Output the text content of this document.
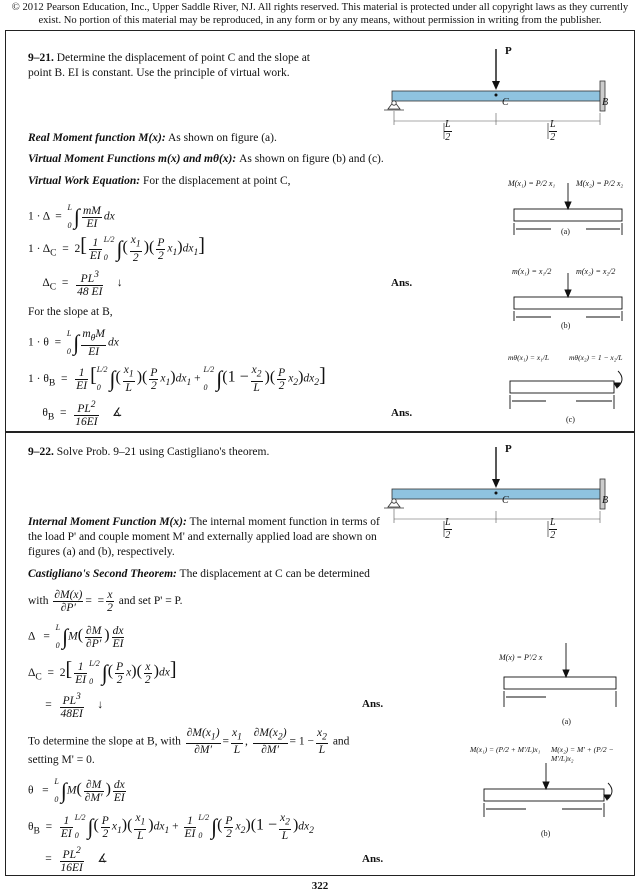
© 2012 Pearson Education, Inc., Upper Saddle River, NJ. All rights reserved. This material is protected under all copyright laws as they currently
exist. No portion of this material may be reproduced, in any form or by any means, without permission in writing from the publisher.
9–21. Determine the displacement of point C and the slope at point B. EI is constant. Use the principle of virtual work.
P
C	B
$\frac{L}{2}$	$\frac{L}{2}$
Real Moment function M(x): As shown on figure (a).
Virtual Moment Functions m(x) and mθ(x): As shown on figure (b) and (c).
Virtual Work Equation: For the displacement at point C,
1 · Δ  =
L
0 ∫ $\frac{mM}{EI}$ dx
$1 \cdot \Delta_C = 2[ \frac{1}{EI} L/2$
0 ∫( $\frac{x_1}{2}$ )( $\frac{P}{2} x_1)dx_1$]
$\Delta_C = \frac{PL^3}{48 EI}$ ↓	Ans.
For the slope at B,
1 · θ  =
L
0 ∫ $\frac{m_\theta M}{EI}$ dx
$1 \cdot \theta_B = \frac{1}{EI}$ [ L/2
0 ∫( $\frac{x_1}{L}$ )( $\frac{P}{2} x_1)dx_1$ +
L/2
0 $\int(1 - \frac{x_2}{L}$ )( $\frac{P}{2} x_2)dx_2$]
$\theta_B = \frac{PL^2}{16EI}$ ∡	Ans.
M(x₁) = P/2 x₁	M(x₂) = P/2 x₂
(a)
m(x₁) = x₁/2	m(x₂) = x₂/2
(b)
mθ(x₁) = x₁/L	mθ(x₂) = 1 − x₂/L
(c)
9–22. Solve Prob. 9–21 using Castigliano's theorem.	P
C	B
$\frac{L}{2}$	$\frac{L}{2}$
Internal Moment Function M(x): The internal moment function in terms of the load P' and couple moment M' and externally applied load are shown on figures (a) and (b), respectively.
Castigliano's Second Theorem: The displacement at C can be determined
with $\frac{\partial M(x)}{\partial P'}$ =  = $\frac{x}{2}$ and set P' = P.
Δ   =
L
0 $\int M( \frac{\partial M}{\partial P'}$ ) $\frac{dx}{EI}$
$\Delta_C = 2[ \frac{1}{EI} L/2$
0 ∫( $\frac{P}{2} x)( \frac{x}{2} )dx$]
= $\frac{PL^3}{48EI}$ ↓	Ans.
To determine the slope at B, with $\frac{\partial M(x_1)}{\partial M'} = \frac{x_1}{L}$ , $\frac{\partial M(x_2)}{\partial M'} = 1 - \frac{x_2}{L}$ and
setting M' = 0.
θ   =
L
0 $\int M( \frac{\partial M}{\partial M'}$ ) $\frac{dx}{EI}$
$\theta_B = \frac{1}{EI} L/2$
0 ∫( $\frac{P}{2} x_1)( \frac{x_1}{L} )dx_1 + \frac{1}{EI} L/2$
0 ∫( $\frac{P}{2} x_2)(1 - \frac{x_2}{L} )dx_2$
= $\frac{PL^2}{16EI}$ ∡	Ans.
M(x) = P'/2 x
(a)
M(x₁) = (P/2 + M'/L)x₁ M(x₂) = M' + (P/2 − M'/L)x₂
(b)
322
